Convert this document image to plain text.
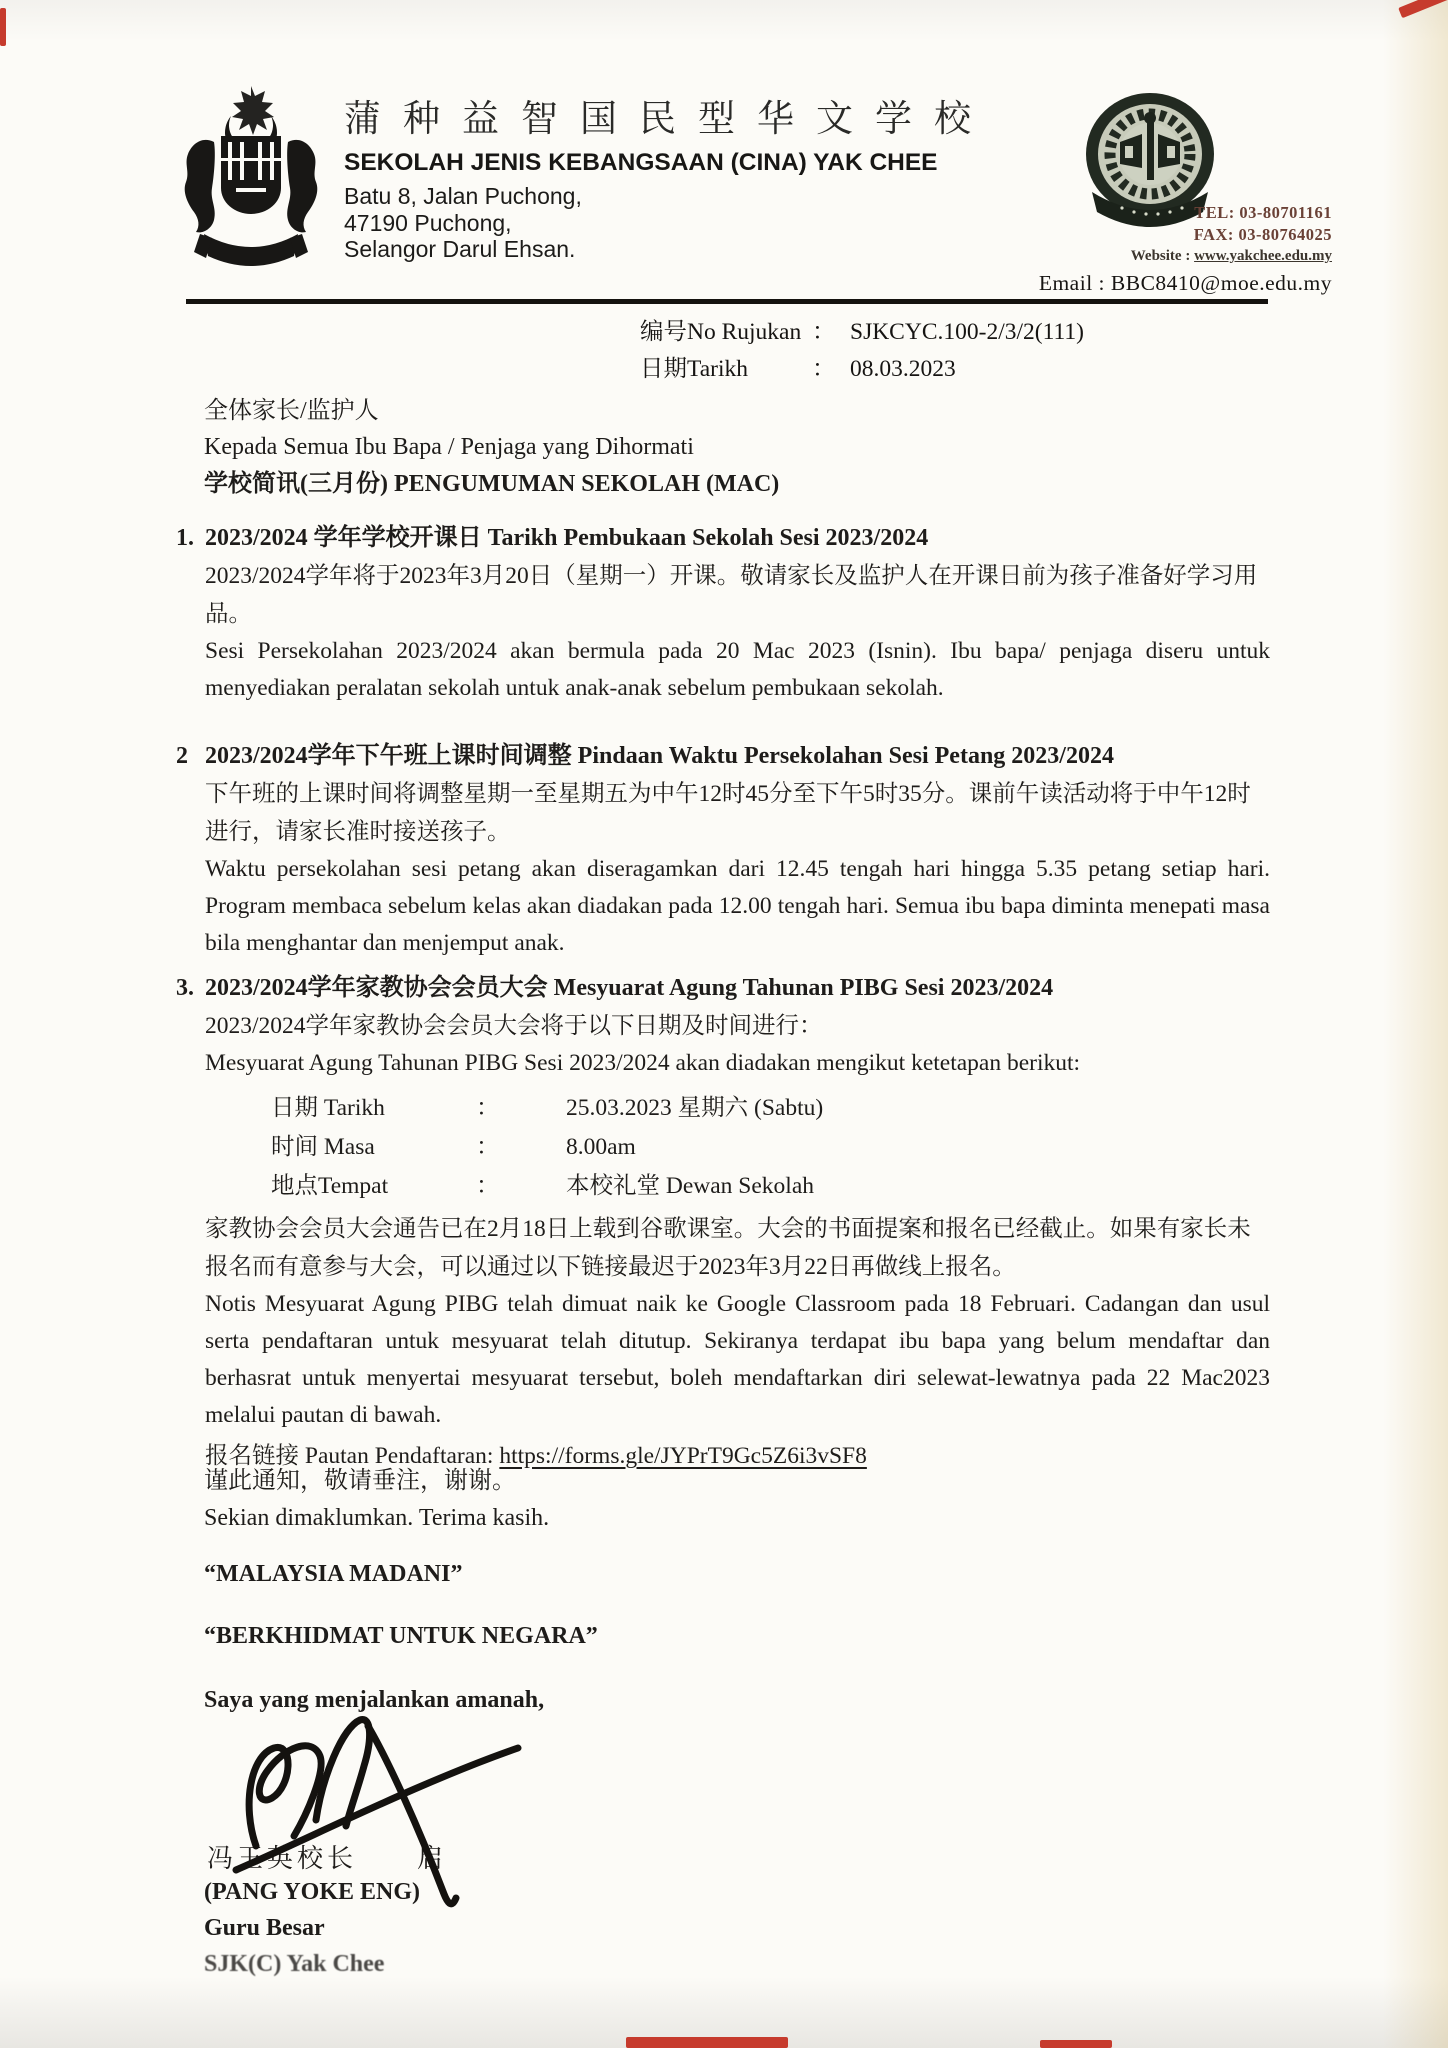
蒲种益智国民型华文学校
SEKOLAH JENIS KEBANGSAAN (CINA) YAK CHEE
Batu 8, Jalan Puchong,
47190 Puchong,
Selangor Darul Ehsan.
TEL: 03-80701161
FAX: 03-80764025
Website : www.yakchee.edu.my
Email : BBC8410@moe.edu.my
编号No Rujukan ： SJKCYC.100-2/3/2(111)
日期Tarikh	： 08.03.2023
全体家长/监护人
Kepada Semua Ibu Bapa / Penjaga yang Dihormati
学校简讯(三月份) PENGUMUMAN SEKOLAH (MAC)
1. 2023/2024 学年学校开课日 Tarikh Pembukaan Sekolah Sesi 2023/2024
2023/2024学年将于2023年3月20日（星期一）开课。敬请家长及监护人在开课日前为孩子准备好学习用品。
Sesi Persekolahan 2023/2024 akan bermula pada 20 Mac 2023 (Isnin). Ibu bapa/ penjaga diseru untuk menyediakan peralatan sekolah untuk anak-anak sebelum pembukaan sekolah.
2 2023/2024学年下午班上课时间调整 Pindaan Waktu Persekolahan Sesi Petang 2023/2024
下午班的上课时间将调整星期一至星期五为中午12时45分至下午5时35分。课前午读活动将于中午12时进行，请家长准时接送孩子。
Waktu persekolahan sesi petang akan diseragamkan dari 12.45 tengah hari hingga 5.35 petang setiap hari. Program membaca sebelum kelas akan diadakan pada 12.00 tengah hari. Semua ibu bapa diminta menepati masa bila menghantar dan menjemput anak.
3. 2023/2024学年家教协会会员大会 Mesyuarat Agung Tahunan PIBG Sesi 2023/2024
2023/2024学年家教协会会员大会将于以下日期及时间进行：
Mesyuarat Agung Tahunan PIBG Sesi 2023/2024 akan diadakan mengikut ketetapan berikut:
日期 Tarikh	：	25.03.2023 星期六 (Sabtu)
时间 Masa	：	8.00am
地点Tempat	：	本校礼堂 Dewan Sekolah
家教协会会员大会通告已在2月18日上载到谷歌课室。大会的书面提案和报名已经截止。如果有家长未报名而有意参与大会，可以通过以下链接最迟于2023年3月22日再做线上报名。
Notis Mesyuarat Agung PIBG telah dimuat naik ke Google Classroom pada 18 Februari. Cadangan dan usul serta pendaftaran untuk mesyuarat telah ditutup. Sekiranya terdapat ibu bapa yang belum mendaftar dan berhasrat untuk menyertai mesyuarat tersebut, boleh mendaftarkan diri selewat-lewatnya pada 22 Mac2023 melalui pautan di bawah.
报名链接 Pautan Pendaftaran: https://forms.gle/JYPrT9Gc5Z6i3vSF8
谨此通知，敬请垂注，谢谢。
Sekian dimaklumkan. Terima kasih.
“MALAYSIA MADANI”
“BERKHIDMAT UNTUK NEGARA”
Saya yang menjalankan amanah,
冯玉英校长　　启
(PANG YOKE ENG)
Guru Besar
SJK(C) Yak Chee
